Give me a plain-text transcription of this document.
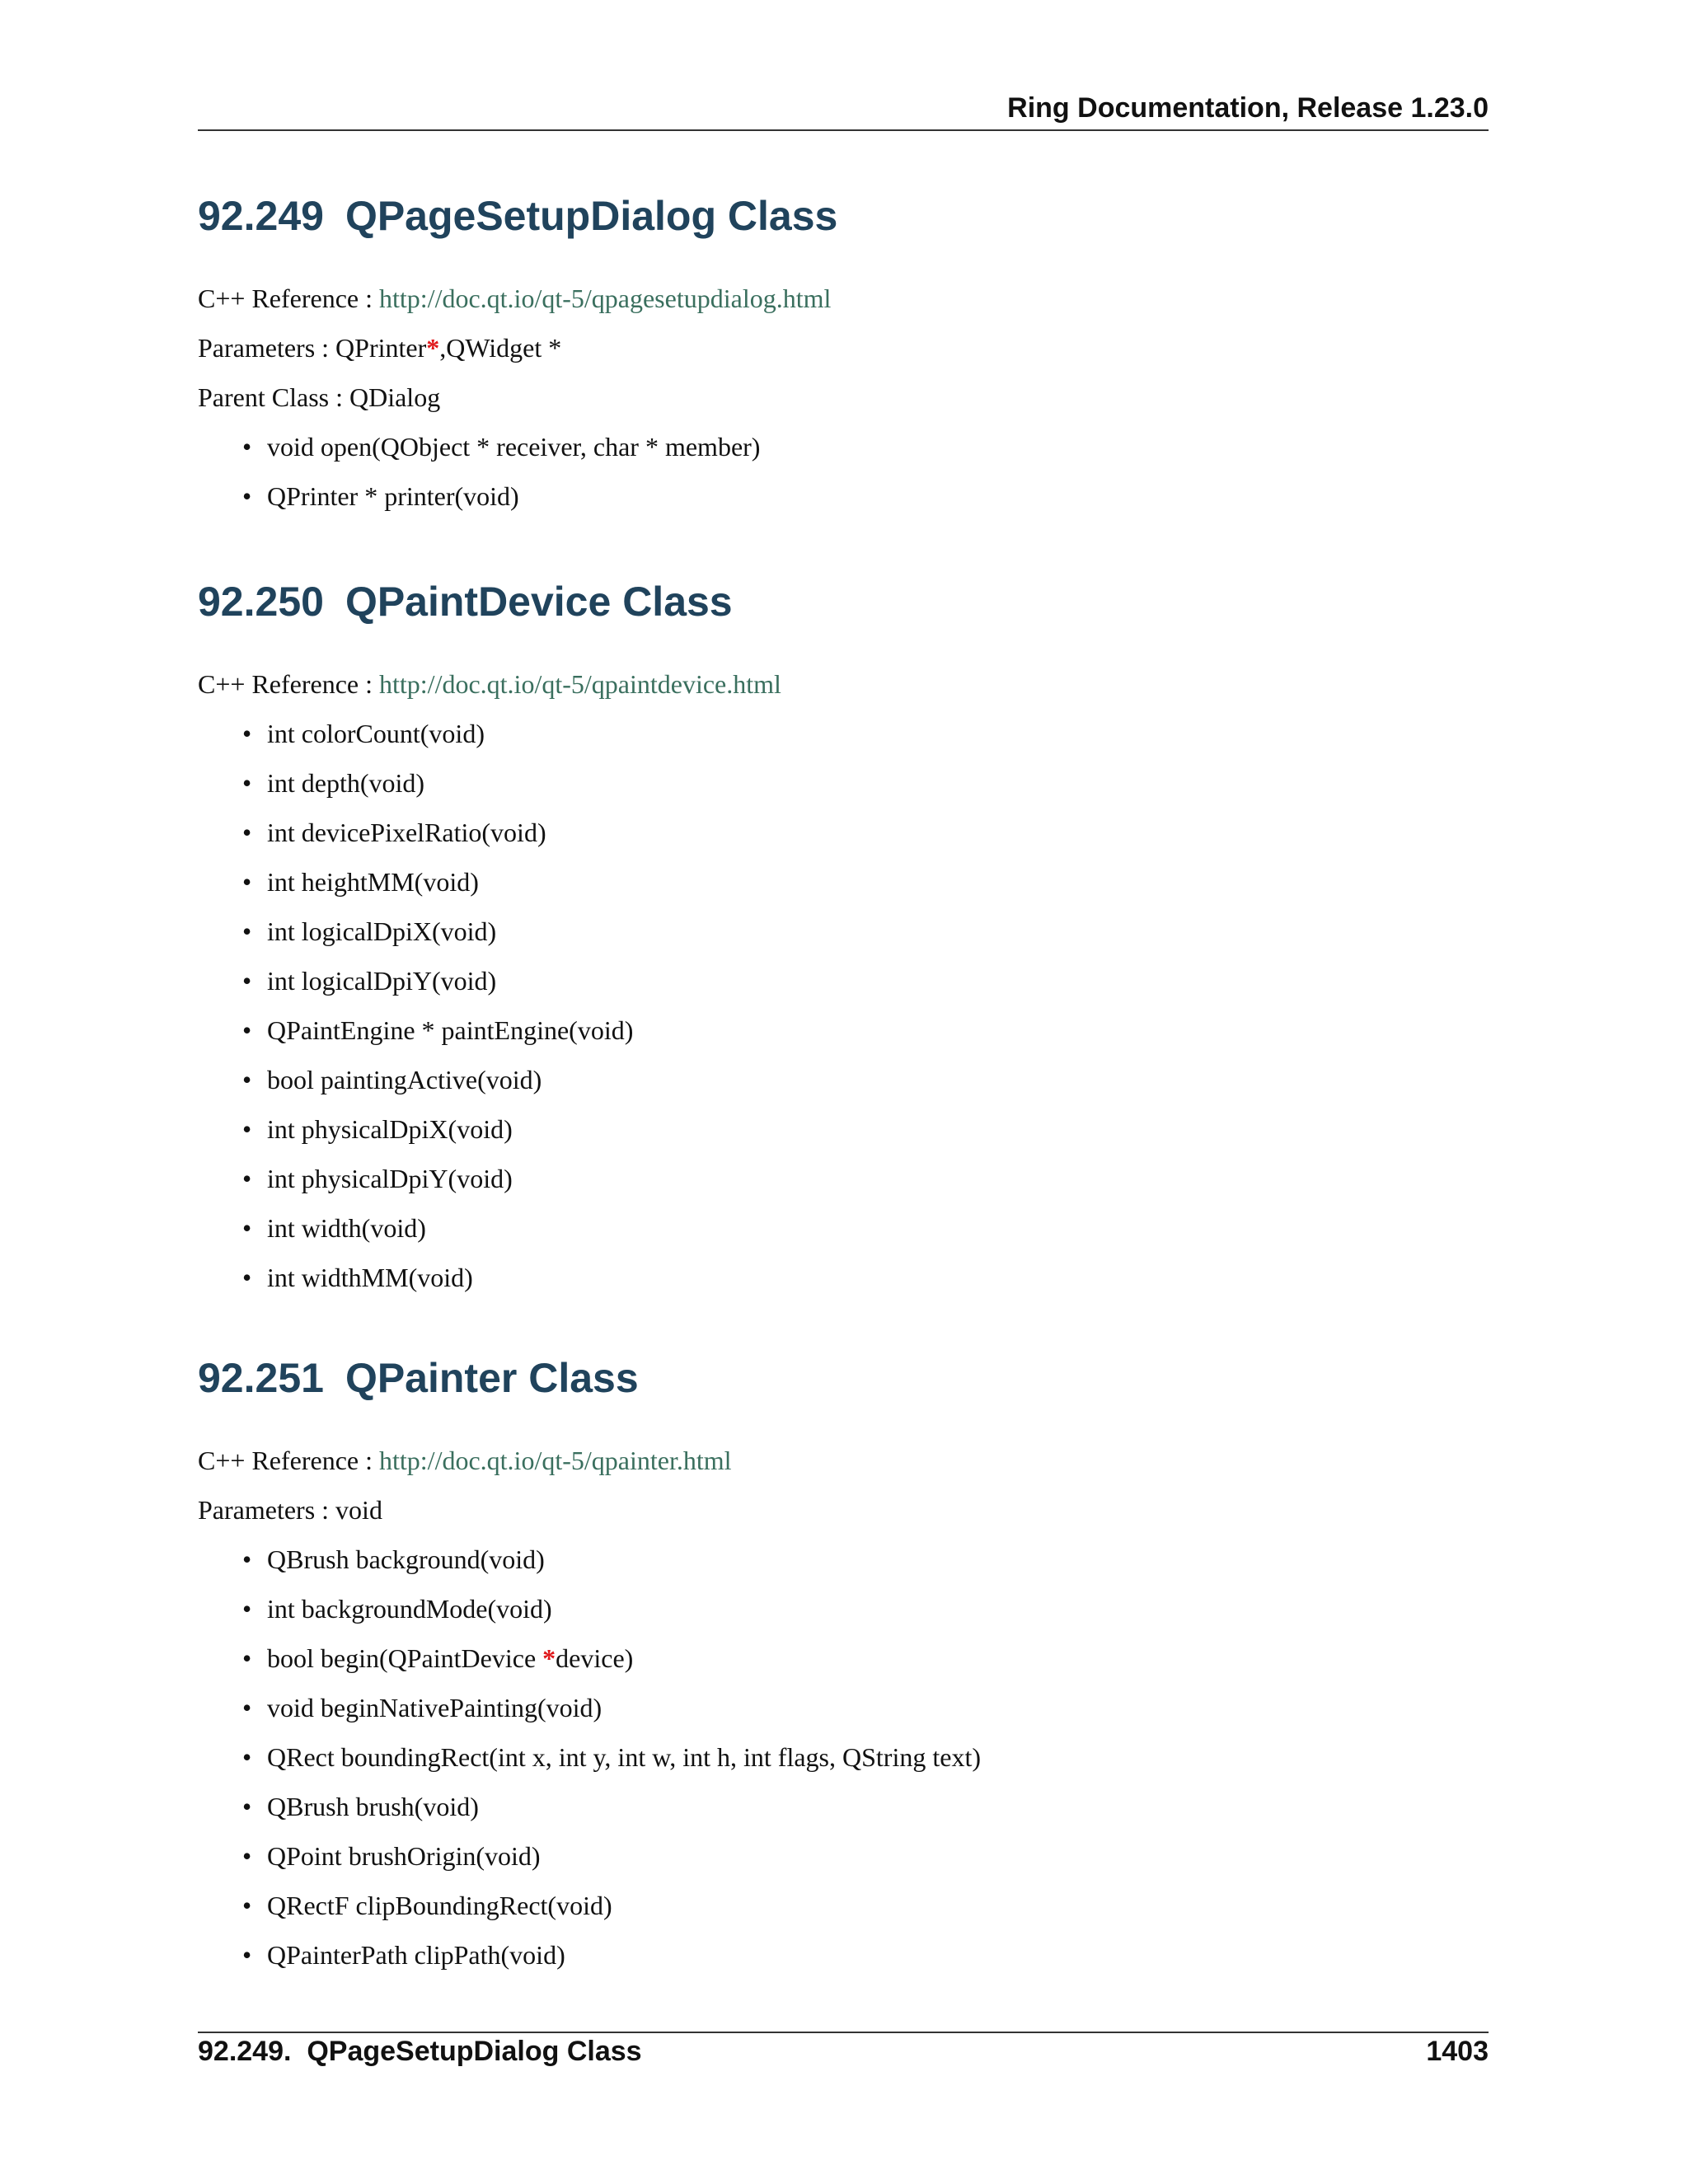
Ring Documentation, Release 1.23.0
92.249 QPageSetupDialog Class
C++ Reference : http://doc.qt.io/qt-5/qpagesetupdialog.html
Parameters : QPrinter*,QWidget *
Parent Class : QDialog
• void open(QObject * receiver, char * member)
• QPrinter * printer(void)
92.250 QPaintDevice Class
C++ Reference : http://doc.qt.io/qt-5/qpaintdevice.html
• int colorCount(void)
• int depth(void)
• int devicePixelRatio(void)
• int heightMM(void)
• int logicalDpiX(void)
• int logicalDpiY(void)
• QPaintEngine * paintEngine(void)
• bool paintingActive(void)
• int physicalDpiX(void)
• int physicalDpiY(void)
• int width(void)
• int widthMM(void)
92.251 QPainter Class
C++ Reference : http://doc.qt.io/qt-5/qpainter.html
Parameters : void
• QBrush background(void)
• int backgroundMode(void)
• bool begin(QPaintDevice *device)
• void beginNativePainting(void)
• QRect boundingRect(int x, int y, int w, int h, int flags, QString text)
• QBrush brush(void)
• QPoint brushOrigin(void)
• QRectF clipBoundingRect(void)
• QPainterPath clipPath(void)
92.249.  QPageSetupDialog Class	1403
